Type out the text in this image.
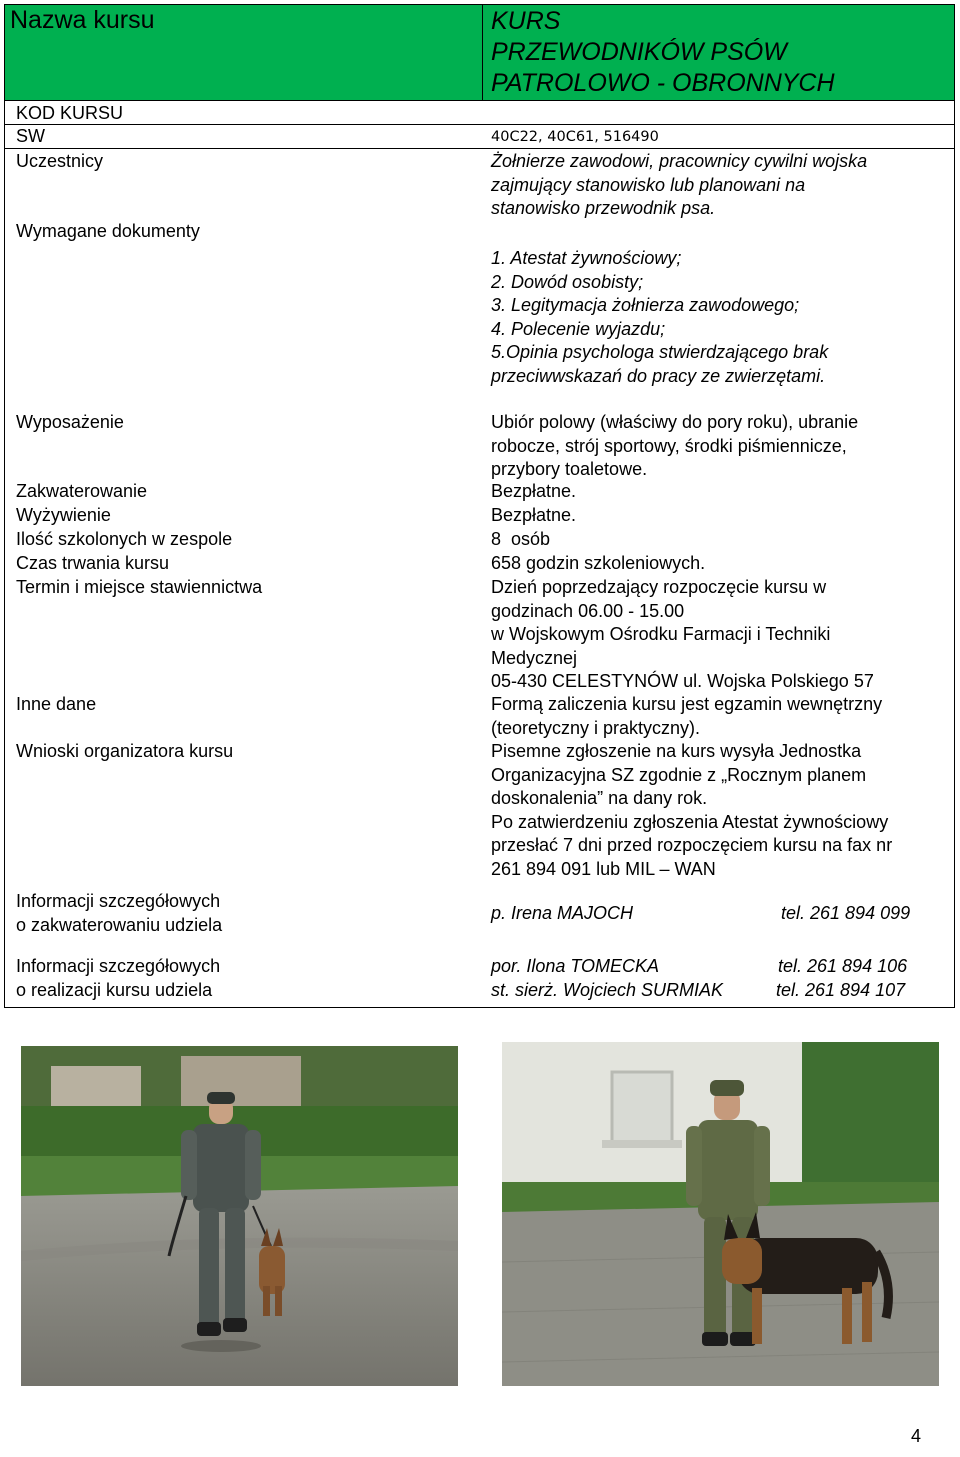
Nazwa kursu	KURS
PRZEWODNIKÓW PSÓW
PATROLOWO - OBRONNYCH
KOD KURSU
SW	40C22, 40C61, 516490
Uczestnicy	Żołnierze zawodowi, pracownicy cywilni wojska
zajmujący stanowisko lub planowani na
stanowisko przewodnik psa.
Wymagane dokumenty
1. Atestat żywnościowy;
2. Dowód osobisty;
3. Legitymacja żołnierza zawodowego;
4. Polecenie wyjazdu;
5.Opinia psychologa stwierdzającego brak
przeciwwskazań do pracy ze zwierzętami.
Wyposażenie	Ubiór polowy (właściwy do pory roku), ubranie
robocze, strój sportowy, środki piśmiennicze,
przybory toaletowe.
Zakwaterowanie	Bezpłatne.
Wyżywienie	Bezpłatne.
Ilość szkolonych w zespole	8  osób
Czas trwania kursu	658 godzin szkoleniowych.
Termin i miejsce stawiennictwa	Dzień poprzedzający rozpoczęcie kursu w
godzinach 06.00 - 15.00
w Wojskowym Ośrodku Farmacji i Techniki
Medycznej
05-430 CELESTYNÓW ul. Wojska Polskiego 57
Inne dane	Formą zaliczenia kursu jest egzamin wewnętrzny
(teoretyczny i praktyczny).
Wnioski organizatora kursu	Pisemne zgłoszenie na kurs wysyła Jednostka
Organizacyjna SZ zgodnie z „Rocznym planem
doskonalenia” na dany rok.
Po zatwierdzeniu zgłoszenia Atestat żywnościowy
przesłać 7 dni przed rozpoczęciem kursu na fax nr
261 894 091 lub MIL – WAN
Informacji szczegółowych
o zakwaterowaniu udziela
p. Irena MAJOCH	tel. 261 894 099
Informacji szczegółowych
o realizacji kursu udziela
por. Ilona TOMECKA	tel. 261 894 106
st. sierż. Wojciech SURMIAK	tel. 261 894 107
4
